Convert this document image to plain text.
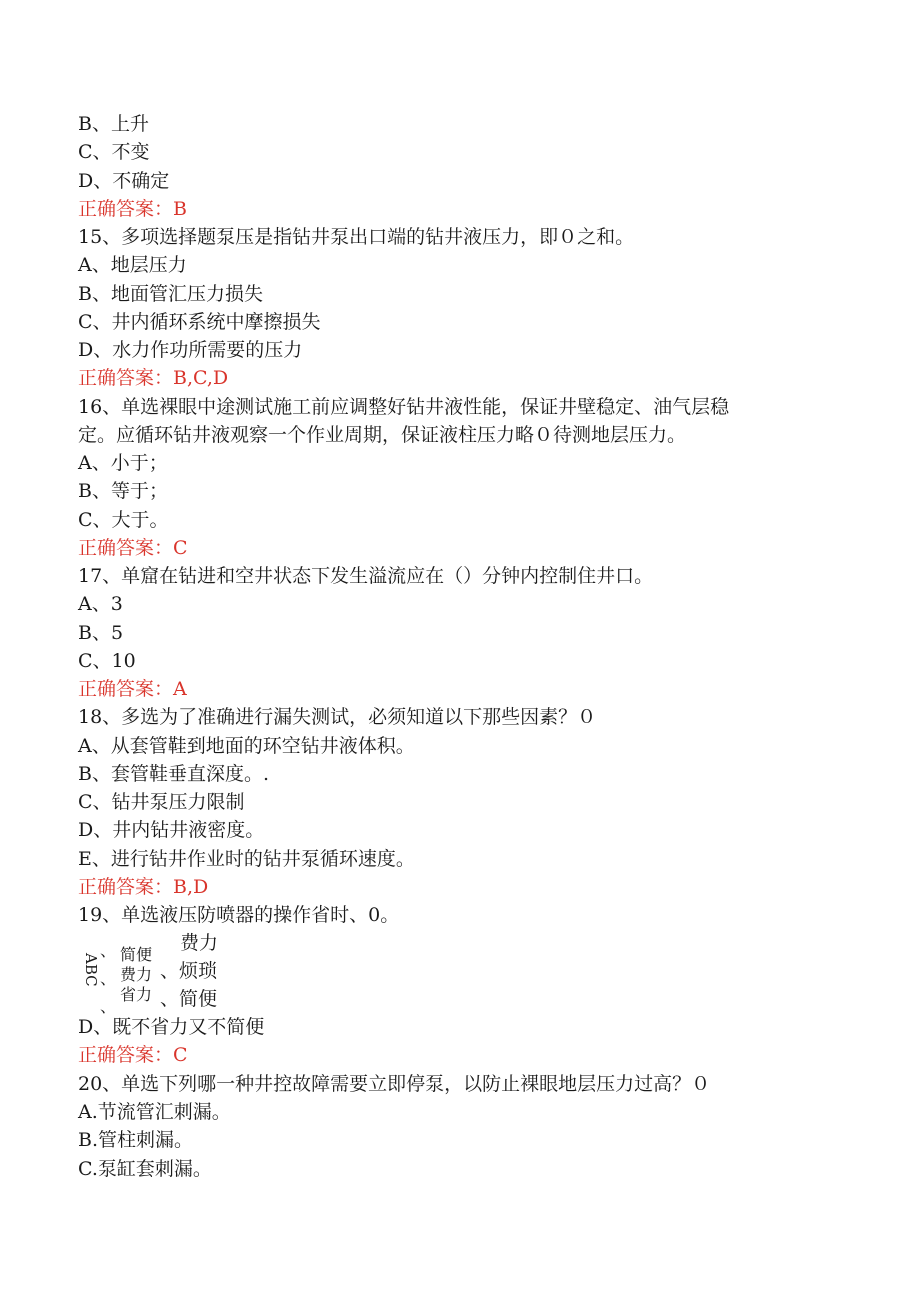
B、上升
C、不变
D、不确定
正确答案：B
15、多项选择题泵压是指钻井泵出口端的钻井液压力，即０之和。
A、地层压力
B、地面管汇压力损失
C、井内循环系统中摩擦损失
D、水力作功所需要的压力
正确答案：B,C,D
16、单选裸眼中途测试施工前应调整好钻井液性能，保证井壁稳定、油气层稳
定。应循环钻井液观察一个作业周期，保证液柱压力略０待测地层压力。
A、小于；
B、等于；
C、大于。
正确答案：C
17、单窟在钻进和空井状态下发生溢流应在（）分钟内控制住井口。
A、3
B、5
C、10
正确答案：A
18、多选为了准确进行漏失测试，必须知道以下那些因素？０
A、从套管鞋到地面的环空钻井液体积。
B、套管鞋垂直深度。.
C、钻井泵压力限制
D、井内钻井液密度。
E、进行钻井作业时的钻井泵循环速度。
正确答案：B,D
19、单选液压防喷器的操作省时、0。
ABC
、
、
、
简便
费力
省力
费力
、烦琐
、简便
D、既不省力又不简便
正确答案：C
20、单选下列哪一种井控故障需要立即停泵，以防止裸眼地层压力过高？０
A.节流管汇刺漏。
B.管柱刺漏。
C.泵缸套刺漏。
